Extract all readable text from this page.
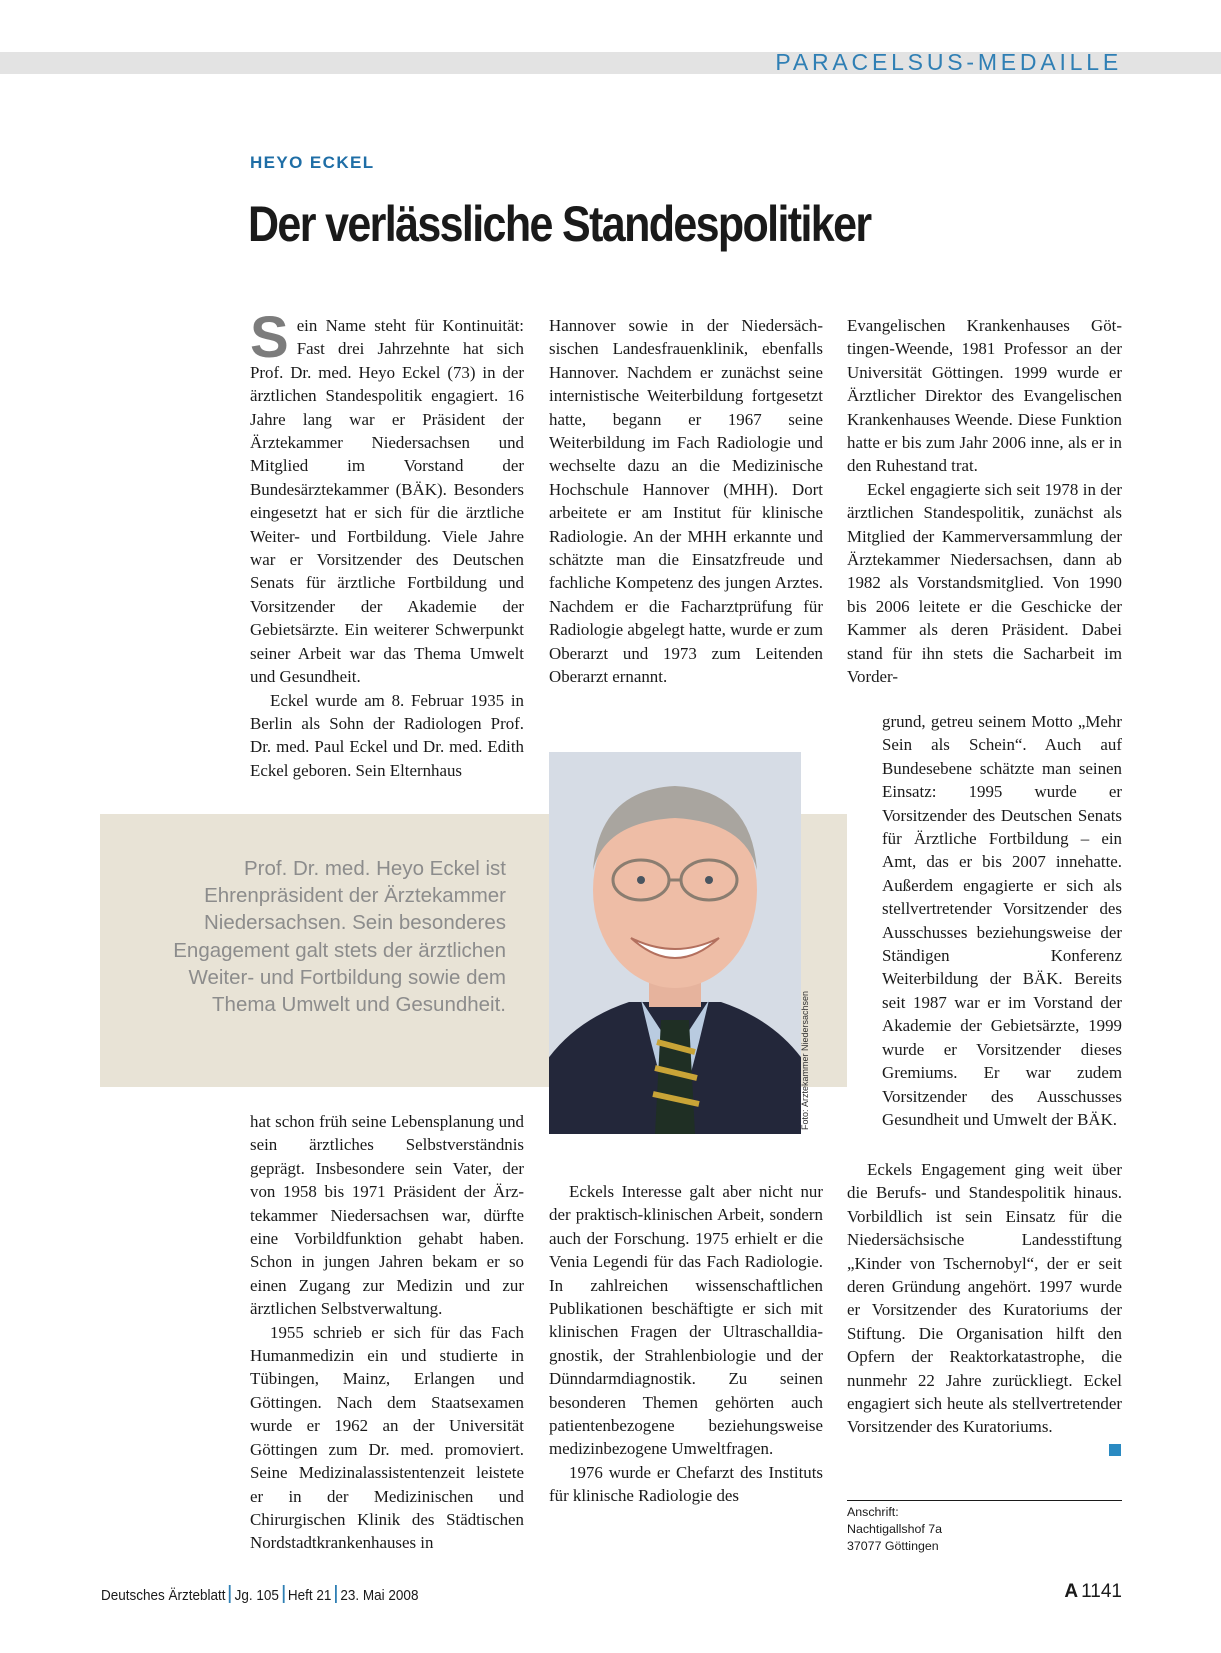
PARACELSUS-MEDAILLE
HEYO ECKEL
Der verlässliche Standespolitiker
Prof. Dr. med. Heyo Eckel ist Ehrenpräsident der Ärztekammer Niedersachsen. Sein besonderes Engagement galt stets der ärztlichen Weiter- und Fortbildung sowie dem Thema Umwelt und Gesundheit.

Sein Name steht für Kontinuität: Fast drei Jahrzehnte hat sich Prof. Dr. med. Heyo Eckel (73) in der ärztlichen Standespolitik engagiert. 16 Jahre lang war er Präsident der Ärztekammer Niedersachsen und Mitglied im Vorstand der Bundesärztekammer (BÄK). Besonders eingesetzt hat er sich für die ärztliche Weiter- und Fortbildung. Viele Jahre war er Vorsitzender des Deutschen Senats für ärztliche Fortbildung und Vorsitzender der Akademie der Gebietsärzte. Ein weiterer Schwerpunkt seiner Arbeit war das Thema Umwelt und Gesundheit.

Eckel wurde am 8. Februar 1935 in Berlin als Sohn der Radiologen Prof. Dr. med. Paul Eckel und Dr. med. Edith Eckel geboren. Sein Elternhaus

hat schon früh seine Lebensplanung und sein ärztliches Selbstverständnis geprägt. Insbesondere sein Vater, der von 1958 bis 1971 Präsident der Ärztekammer Niedersachsen war, dürfte eine Vorbildfunktion gehabt haben. Schon in jungen Jahren bekam er so einen Zugang zur Medizin und zur ärztlichen Selbstverwaltung.

1955 schrieb er sich für das Fach Humanmedizin ein und studierte in Tübingen, Mainz, Erlangen und Göttingen. Nach dem Staatsexamen wurde er 1962 an der Universität Göttingen zum Dr. med. promoviert. Seine Medizinalassistentenzeit leistete er in der Medizinischen und Chirurgischen Klinik des Städtischen Nordstadtkrankenhauses in

Hannover sowie in der Niedersächsischen Landesfrauenklinik, ebenfalls Hannover. Nachdem er zunächst seine internistische Weiterbildung fortgesetzt hatte, begann er 1967 seine Weiterbildung im Fach Radiologie und wechselte dazu an die Medizinische Hochschule Hannover (MHH). Dort arbeitete er am Institut für klinische Radiologie. An der MHH erkannte und schätzte man die Einsatzfreude und fachliche Kompetenz des jungen Arztes. Nachdem er die Facharztprüfung für Radiologie abgelegt hatte, wurde er zum Oberarzt und 1973 zum Leitenden Oberarzt ernannt.

Foto: Ärztekammer Niedersachsen

Eckels Interesse galt aber nicht nur der praktisch-klinischen Arbeit, sondern auch der Forschung. 1975 erhielt er die Venia Legendi für das Fach Radiologie. In zahlreichen wissenschaftlichen Publikationen beschäftigte er sich mit klinischen Fragen der Ultraschalldiagnostik, der Strahlenbiologie und der Dünndarmdiagnostik. Zu seinen besonderen Themen gehörten auch patientenbezogene beziehungsweise medizinbezogene Umweltfragen.

1976 wurde er Chefarzt des Instituts für klinische Radiologie des

Evangelischen Krankenhauses Göttingen-Weende, 1981 Professor an der Universität Göttingen. 1999 wurde er Ärztlicher Direktor des Evangelischen Krankenhauses Weende. Diese Funktion hatte er bis zum Jahr 2006 inne, als er in den Ruhestand trat.

Eckel engagierte sich seit 1978 in der ärztlichen Standespolitik, zunächst als Mitglied der Kammerversammlung der Ärztekammer Niedersachsen, dann ab 1982 als Vorstandsmitglied. Von 1990 bis 2006 leitete er die Geschicke der Kammer als deren Präsident. Dabei stand für ihn stets die Sacharbeit im Vorder-

grund, getreu seinem Motto „Mehr Sein als Schein“. Auch auf Bundesebene schätzte man seinen Einsatz: 1995 wurde er Vorsitzender des Deutschen Senats für Ärztliche Fortbildung – ein Amt, das er bis 2007 innehatte. Außerdem engagierte er sich als stellvertretender Vorsitzender des Ausschusses beziehungsweise der Ständigen Konferenz Weiterbildung der BÄK. Bereits seit 1987 war er im Vorstand der Akademie der Gebietsärzte, 1999 wurde er Vorsitzender dieses Gremiums. Er war zudem Vorsitzender des Ausschusses Gesundheit und Umwelt der BÄK.

Eckels Engagement ging weit über die Berufs- und Standespolitik hinaus. Vorbildlich ist sein Einsatz für die Niedersächsische Landesstiftung „Kinder von Tschernobyl“, der er seit deren Gründung angehört. 1997 wurde er Vorsitzender des Kuratoriums der Stiftung. Die Organisation hilft den Opfern der Reaktorkatastrophe, die nunmehr 22 Jahre zurückliegt. Eckel engagiert sich heute als stellvertretender Vorsitzender des Kuratoriums.

Anschrift:
Nachtigallshof 7a
37077 Göttingen
Deutsches Ärzteblatt Jg. 105 Heft 21 23. Mai 2008	A 1141
